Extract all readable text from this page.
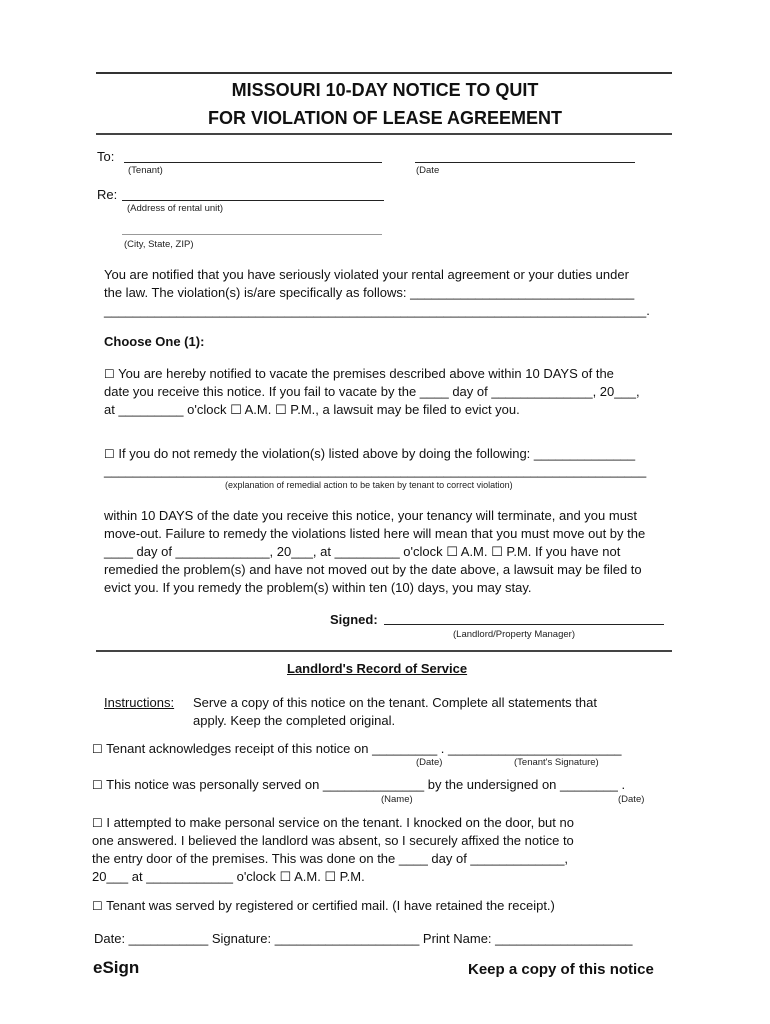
MISSOURI 10-DAY NOTICE TO QUIT
FOR VIOLATION OF LEASE AGREEMENT
To:
(Tenant)	(Date
Re:
(Address of rental unit)
(City, State, ZIP)
You are notified that you have seriously violated your rental agreement or your duties under
the law. The violation(s) is/are specifically as follows: _______________________________
___________________________________________________________________________.
Choose One (1):
☐ You are hereby notified to vacate the premises described above within 10 DAYS of the
date you receive this notice. If you fail to vacate by the ____ day of ______________, 20___,
at _________ o'clock ☐ A.M. ☐ P.M., a lawsuit may be filed to evict you.
☐ If you do not remedy the violation(s) listed above by doing the following: ______________
___________________________________________________________________________
(explanation of remedial action to be taken by tenant to correct violation)
within 10 DAYS of the date you receive this notice, your tenancy will terminate, and you must
move-out. Failure to remedy the violations listed here will mean that you must move out by the
____ day of _____________, 20___, at _________ o'clock ☐ A.M. ☐ P.M. If you have not
remedied the problem(s) and have not moved out by the date above, a lawsuit may be filed to
evict you. If you remedy the problem(s) within ten (10) days, you may stay.
Signed:
(Landlord/Property Manager)
Landlord's Record of Service
Instructions: Serve a copy of this notice on the tenant. Complete all statements that
apply. Keep the completed original.
☐ Tenant acknowledges receipt of this notice on _________ . ________________________
(Date)	(Tenant's Signature)
☐ This notice was personally served on ______________ by the undersigned on ________ .
(Name)	(Date)
☐ I attempted to make personal service on the tenant. I knocked on the door, but no
one answered. I believed the landlord was absent, so I securely affixed the notice to
the entry door of the premises. This was done on the ____ day of _____________,
20___ at ____________ o'clock ☐ A.M. ☐ P.M.
☐ Tenant was served by registered or certified mail. (I have retained the receipt.)
Date: ___________ Signature: ____________________ Print Name: ___________________
eSign	Keep a copy of this notice
